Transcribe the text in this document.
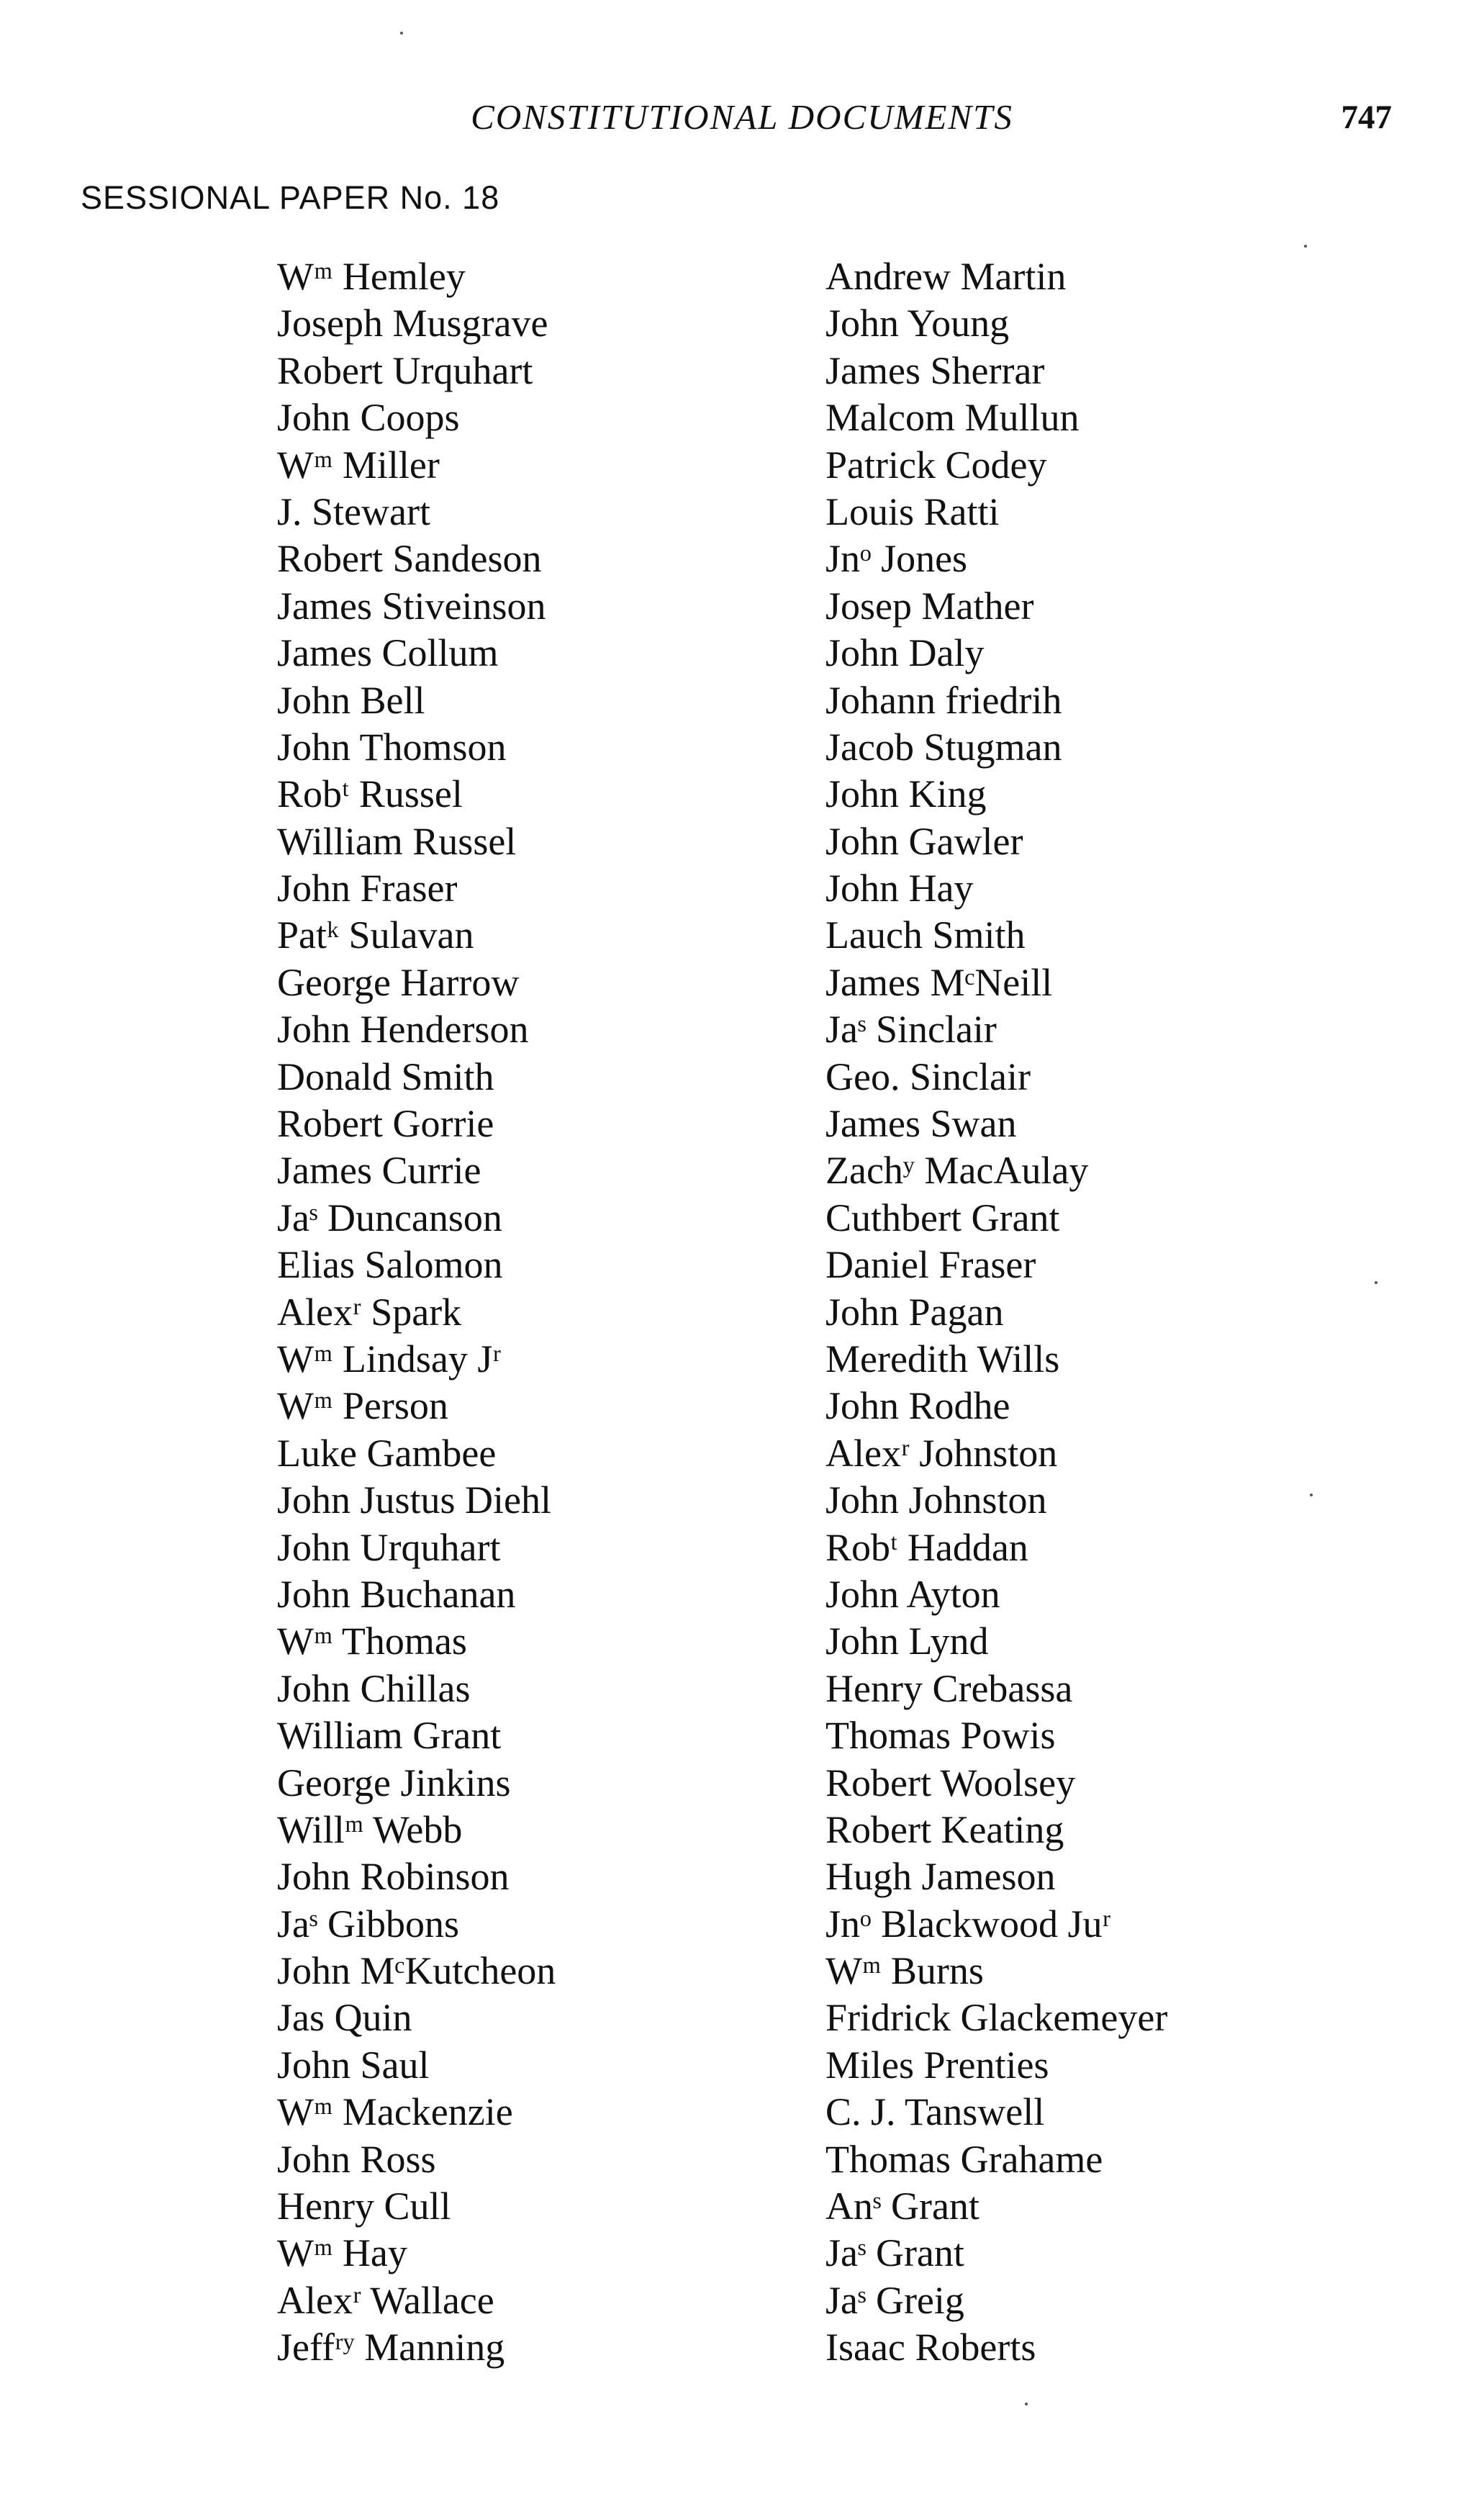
CONSTITUTIONAL DOCUMENTS	747
SESSIONAL PAPER No. 18
Wᵐ Hemley
Joseph Musgrave
Robert Urquhart
John Coops
Wᵐ Miller
J. Stewart
Robert Sandeson
James Stiveinson
James Collum
John Bell
John Thomson
Robᵗ Russel
William Russel
John Fraser
Patᵏ Sulavan
George Harrow
John Henderson
Donald Smith
Robert Gorrie
James Currie
Jaˢ Duncanson
Elias Salomon
Alexʳ Spark
Wᵐ Lindsay Jʳ
Wᵐ Person
Luke Gambee
John Justus Diehl
John Urquhart
John Buchanan
Wᵐ Thomas
John Chillas
William Grant
George Jinkins
Willᵐ Webb
John Robinson
Jaˢ Gibbons
John MᶜKutcheon
Jas Quin
John Saul
Wᵐ Mackenzie
John Ross
Henry Cull
Wᵐ Hay
Alexʳ Wallace
Jeffʳʸ Manning
Andrew Martin
John Young
James Sherrar
Malcom Mullun
Patrick Codey
Louis Ratti
Jnᵒ Jones
Josep Mather
John Daly
Johann friedrih
Jacob Stugman
John King
John Gawler
John Hay
Lauch Smith
James MᶜNeill
Jaˢ Sinclair
Geo. Sinclair
James Swan
Zachʸ MacAulay
Cuthbert Grant
Daniel Fraser
John Pagan
Meredith Wills
John Rodhe
Alexʳ Johnston
John Johnston
Robᵗ Haddan
John Ayton
John Lynd
Henry Crebassa
Thomas Powis
Robert Woolsey
Robert Keating
Hugh Jameson
Jnᵒ Blackwood Juʳ
Wᵐ Burns
Fridrick Glackemeyer
Miles Prenties
C. J. Tanswell
Thomas Grahame
Anˢ Grant
Jaˢ Grant
Jaˢ Greig
Isaac Roberts
